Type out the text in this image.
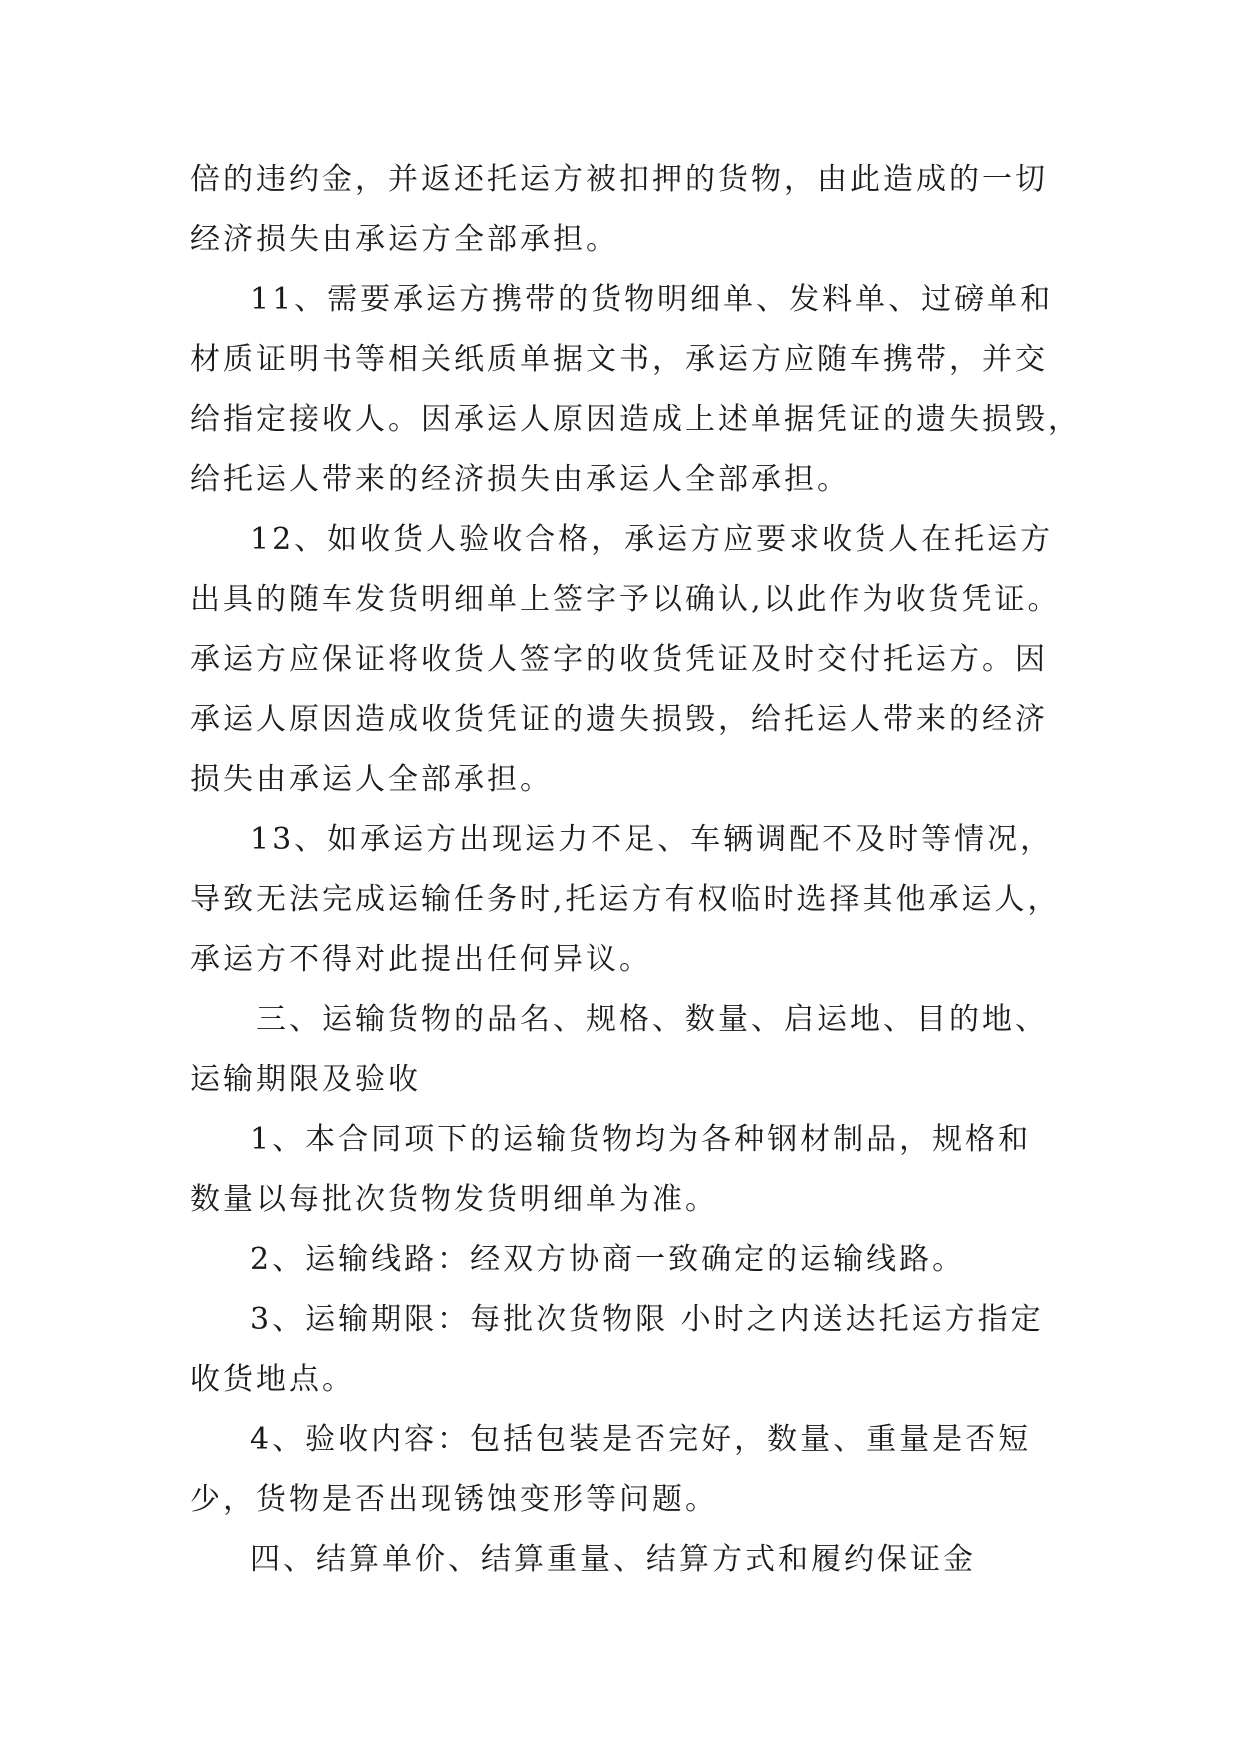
倍的违约金，并返还托运方被扣押的货物，由此造成的一切
经济损失由承运方全部承担。
11、需要承运方携带的货物明细单、发料单、过磅单和
材质证明书等相关纸质单据文书，承运方应随车携带，并交
给指定接收人。因承运人原因造成上述单据凭证的遗失损毁，
给托运人带来的经济损失由承运人全部承担。
12、如收货人验收合格，承运方应要求收货人在托运方
出具的随车发货明细单上签字予以确认,以此作为收货凭证。
承运方应保证将收货人签字的收货凭证及时交付托运方。因
承运人原因造成收货凭证的遗失损毁，给托运人带来的经济
损失由承运人全部承担。
13、如承运方出现运力不足、车辆调配不及时等情况，
导致无法完成运输任务时,托运方有权临时选择其他承运人，
承运方不得对此提出任何异议。
三、运输货物的品名、规格、数量、启运地、目的地、
运输期限及验收
1、本合同项下的运输货物均为各种钢材制品，规格和
数量以每批次货物发货明细单为准。
2、运输线路：经双方协商一致确定的运输线路。
3、运输期限：每批次货物限 小时之内送达托运方指定
收货地点。
4、验收内容：包括包装是否完好，数量、重量是否短
少，货物是否出现锈蚀变形等问题。
四、结算单价、结算重量、结算方式和履约保证金
